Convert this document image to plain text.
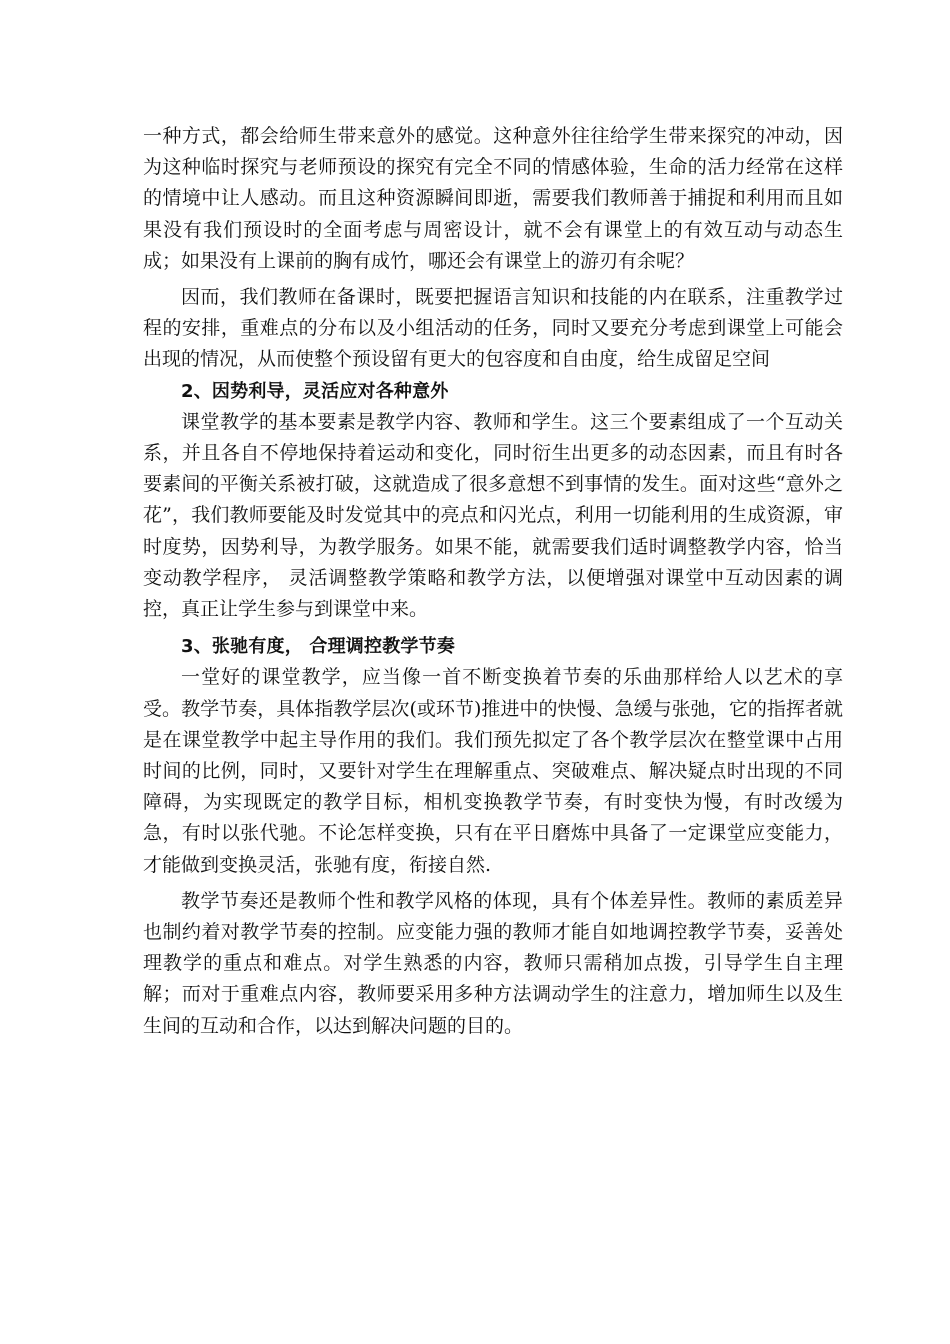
一种方式，都会给师生带来意外的感觉。这种意外往往给学生带来探究的冲动，因为这种临时探究与老师预设的探究有完全不同的情感体验，生命的活力经常在这样的情境中让人感动。而且这种资源瞬间即逝，需要我们教师善于捕捉和利用而且如果没有我们预设时的全面考虑与周密设计，就不会有课堂上的有效互动与动态生成；如果没有上课前的胸有成竹，哪还会有课堂上的游刃有余呢？

因而，我们教师在备课时，既要把握语言知识和技能的内在联系，注重教学过程的安排，重难点的分布以及小组活动的任务，同时又要充分考虑到课堂上可能会出现的情况，从而使整个预设留有更大的包容度和自由度，给生成留足空间

2、因势利导，灵活应对各种意外

课堂教学的基本要素是教学内容、教师和学生。这三个要素组成了一个互动关系，并且各自不停地保持着运动和变化，同时衍生出更多的动态因素，而且有时各要素间的平衡关系被打破，这就造成了很多意想不到事情的发生。面对这些“意外之花”，我们教师要能及时发觉其中的亮点和闪光点，利用一切能利用的生成资源，审时度势，因势利导，为教学服务。如果不能，就需要我们适时调整教学内容，恰当变动教学程序， 灵活调整教学策略和教学方法，以便增强对课堂中互动因素的调控，真正让学生参与到课堂中来。

3、张驰有度， 合理调控教学节奏

一堂好的课堂教学，应当像一首不断变换着节奏的乐曲那样给人以艺术的享受。教学节奏，具体指教学层次(或环节)推进中的快慢、急缓与张弛，它的指挥者就是在课堂教学中起主导作用的我们。我们预先拟定了各个教学层次在整堂课中占用时间的比例，同时，又要针对学生在理解重点、突破难点、解决疑点时出现的不同障碍，为实现既定的教学目标，相机变换教学节奏，有时变快为慢，有时改缓为急，有时以张代驰。不论怎样变换，只有在平日磨炼中具备了一定课堂应变能力，才能做到变换灵活，张驰有度，衔接自然.

教学节奏还是教师个性和教学风格的体现，具有个体差异性。教师的素质差异也制约着对教学节奏的控制。应变能力强的教师才能自如地调控教学节奏，妥善处理教学的重点和难点。对学生熟悉的内容，教师只需稍加点拨，引导学生自主理解；而对于重难点内容，教师要采用多种方法调动学生的注意力，增加师生以及生生间的互动和合作，以达到解决问题的目的。
